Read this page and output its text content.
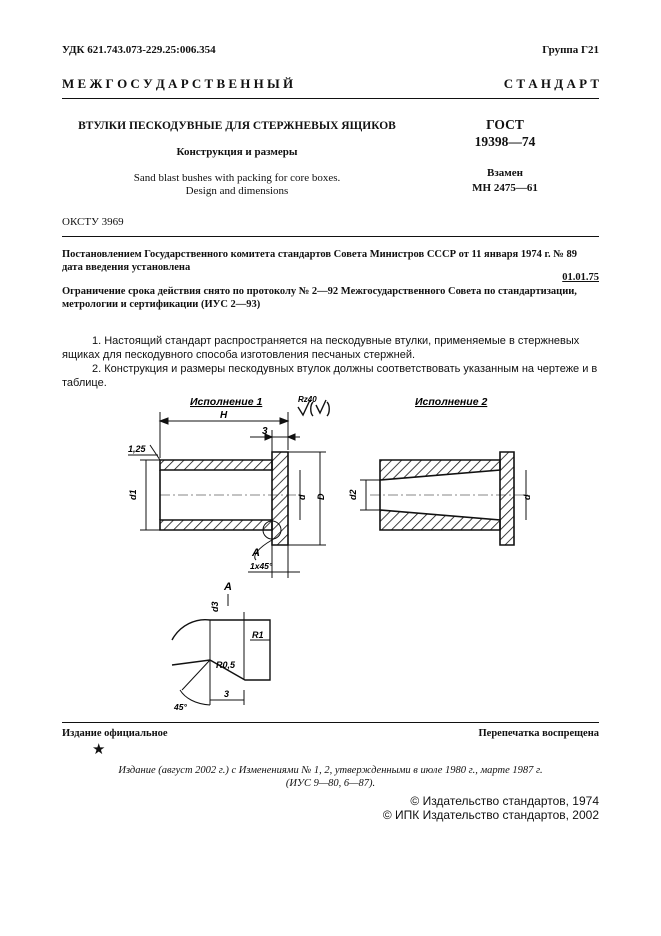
УДК 621.743.073-229.25:006.354	Группа Г21
М Е Ж Г О С У Д А Р С Т В Е Н Н Ы Й	С Т А Н Д А Р Т
ВТУЛКИ ПЕСКОДУВНЫЕ ДЛЯ СТЕРЖНЕВЫХ ЯЩИКОВ
Конструкция и размеры
Sand blast bushes with packing for core boxes.
Design and dimensions
ГОСТ
19398—74
Взамен
МН 2475—61
ОКСТУ 3969
Постановлением Государственного комитета стандартов Совета Министров СССР от 11 января 1974 г. № 89 дата введения установлена
01.01.75
Ограничение срока действия снято по протоколу № 2—92 Межгосударственного Совета по стандартизации, метрологии и сертификации (ИУС 2—93)
1. Настоящий стандарт распространяется на пескодувные втулки, применяемые в стержневых ящиках для пескодувного способа изготовления песчаных стержней.
2. Конструкция и размеры пескодувных втулок должны соответствовать указанным на чертеже и в таблице.
Исполнение 1	Rz40
H
3
1,25
d1	d D
A
1x45°
Исполнение 2
d2	d
A
d3
R1
R0,5
3
45°
Издание официальное	Перепечатка воспрещена
★
Издание (август 2002 г.) с Изменениями № 1, 2, утвержденными в июле 1980 г., марте 1987 г.
(ИУС 9—80, 6—87).
© Издательство стандартов, 1974
© ИПК Издательство стандартов, 2002
